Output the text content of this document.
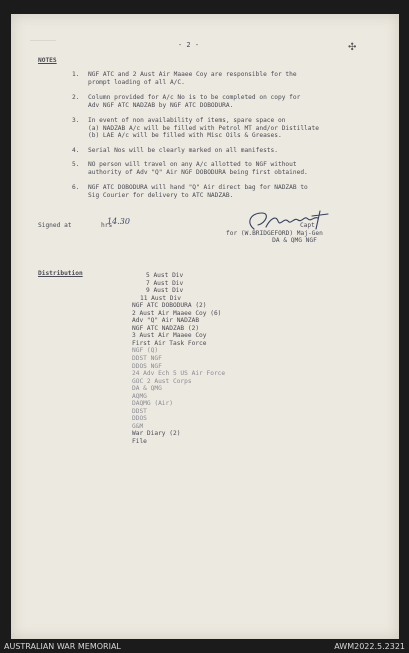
- 2 -	✣
NOTES
1. NGF ATC and 2 Aust Air Maaee Coy are responsible for the
prompt loading of all A/C.
2. Column provided for A/c No is to be completed on copy for
Adv NGF ATC NADZAB by NGF ATC DOBODURA.
3. In event of non availability of items, spare space on
(a) NADZAB A/c will be filled with Petrol MT and/or Distillate
(b) LAE A/c will be filled with Misc Oils & Greases.
4. Serial Nos will be clearly marked on all manifests.
5. NO person will travel on any A/c allotted to NGF without
authority of Adv "Q" Air NGF DOBODURA being first obtained.
6. NGF ATC DOBODURA will hand "Q" Air direct bag for NADZAB to
Sig Courier for delivery to ATC NADZAB.
Signed at	hrs
14.30	Capt
for (W.BRIDGEFORD) Maj-Gen
DA & QMG NGF
Distribution	5 Aust Div
7 Aust Div
9 Aust Div
11 Aust Div
NGF ATC DOBODURA (2)
2 Aust Air Maaee Coy (6)
Adv "Q" Air NADZAB
NGF ATC NADZAB (2)
3 Aust Air Maaee Coy
First Air Task Force
NGF (Q)
DDST NGF
DDOS NGF
24 Adv Ech 5 US Air Force
GOC 2 Aust Corps
DA & QMG
AQMG
DAQMG (Air)
DDST
DDOS
G&M
War Diary (2)
File
AUSTRALIAN WAR MEMORIAL	AWM2022.5.2321
